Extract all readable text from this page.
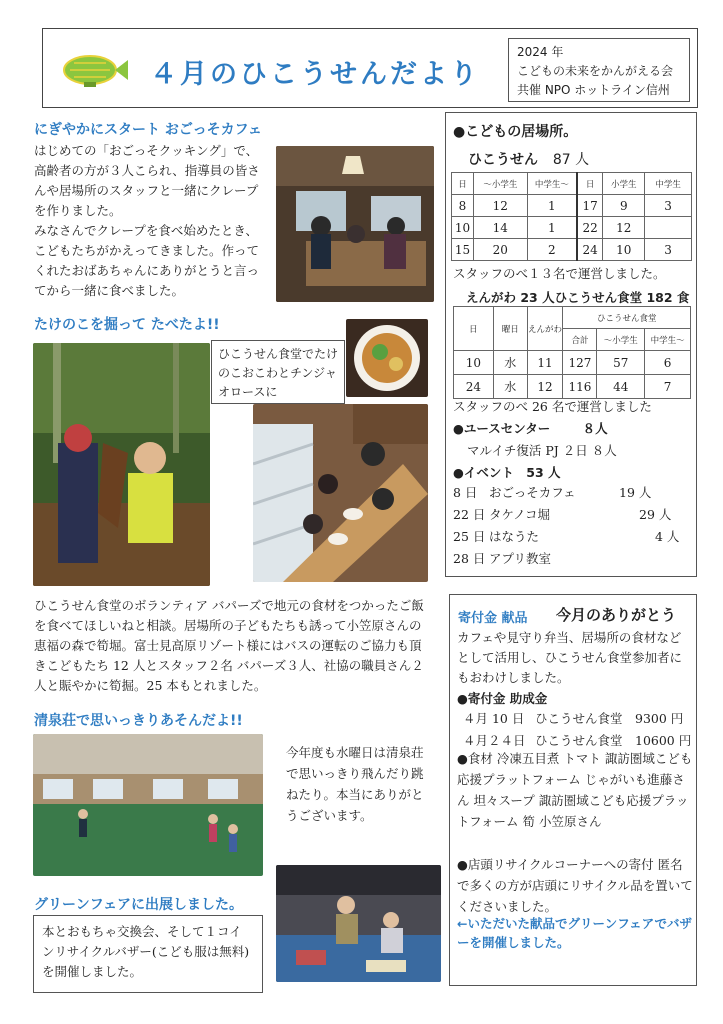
４月のひこうせんだより
2024 年
こどもの未来をかんがえる会
共催 NPO ホットライン信州
にぎやかにスタート おごっそカフェ
はじめての「おごっそクッキング」で、高齢者の方が３人こられ、指導員の皆さんや居場所のスタッフと一緒にクレープを作りました。
みなさんでクレープを食べ始めたとき、こどもたちがかえってきました。作ってくれたおばあちゃんにありがとうと言ってから一緒に食べました。
たけのこを掘って たべたよ!!
ひこうせん食堂でたけのこおこわとチンジャオロースに
ひこうせん食堂のボランティア バパーズで地元の食材をつかったご飯を食べてほしいねと相談。居場所の子どもたちも誘って小笠原さんの恵福の森で筍堀。富士見高原リゾート様にはバスの運転のご協力も頂きこどもたち 12 人とスタッフ２名 バパーズ３人、社協の職員さん２人と賑やかに筍掘。25 本もとれました。
清泉荘で思いっきりあそんだよ!!
今年度も水曜日は清泉荘で思いっきり飛んだり跳ねたり。本当にありがとうございます。
グリーンフェアに出展しました。
本とおもちゃ交換会、そして１コインリサイクルバザー(こども服は無料)を開催しました。
●こどもの居場所。
ひこうせん 87 人
日	〜小学生	中学生〜	日	小学生	中学生
8	12	1	17	9	3
10	14	1	22	12	
15	20	2	24	10	3
スタッフのべ１３名で運営しました。
えんがわ 23 人ひこうせん食堂 182 食
日	曜日	えんがわ	ひこうせん食堂		
			合計	〜小学生	中学生〜
10	水	11	127	57	6
24	水	12	116	44	7
スタッフのべ 26 名で運営しました
●ユースセンター	８人
マルイチ復活 PJ ２日 ８人
●イベント 53 人
8 日 おごっそカフェ	19 人
22 日 タケノコ堀	29 人
25 日 はなうた	4 人
28 日 アプリ教室
寄付金 献品 今月のありがとう
カフェや見守り弁当、居場所の食材などとして活用し、ひこうせん食堂参加者にもおわけしました。
●寄付金 助成金
４月 10 日 ひこうせん食堂 9300 円
４月２４日 ひこうせん食堂 10600 円
●食材 冷凍五目煮 トマト 諏訪圏域こども応援プラットフォーム じゃがいも進藤さん 坦々スープ 諏訪圏域こども応援プラットフォーム 筍 小笠原さん
●店頭リサイクルコーナーへの寄付 匿名で多くの方が店頭にリサイクル品を置いてくださいました。
←いただいた献品でグリーンフェアでバザーを開催しました。
